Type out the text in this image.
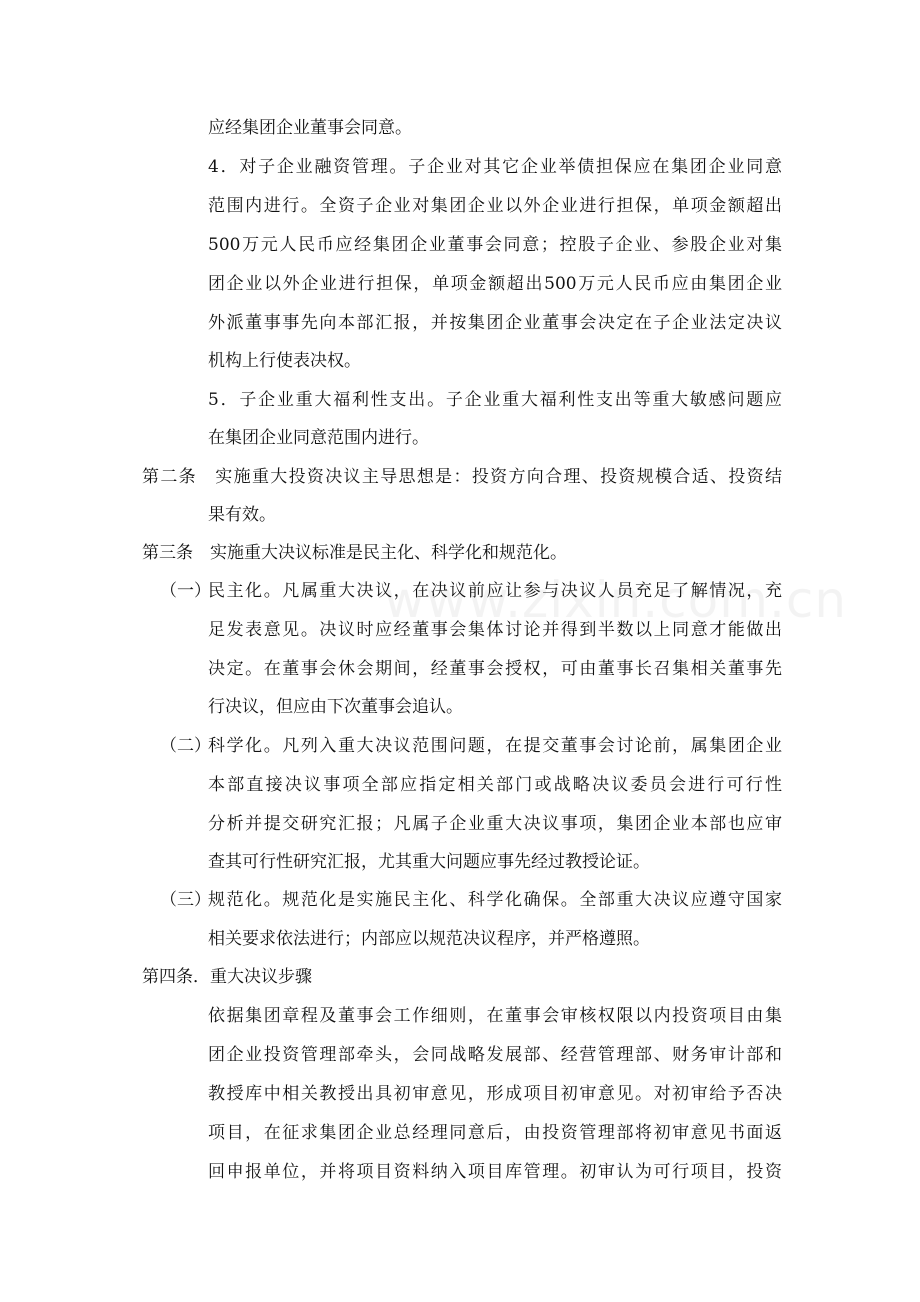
应经集团企业董事会同意。
4．对子企业融资管理。子企业对其它企业举债担保应在集团企业同意
范围内进行。全资子企业对集团企业以外企业进行担保，单项金额超出
500万元人民币应经集团企业董事会同意；控股子企业、参股企业对集
团企业以外企业进行担保，单项金额超出500万元人民币应由集团企业
外派董事事先向本部汇报，并按集团企业董事会决定在子企业法定决议
机构上行使表决权。
5．子企业重大福利性支出。子企业重大福利性支出等重大敏感问题应
在集团企业同意范围内进行。
第二条　实施重大投资决议主导思想是：投资方向合理、投资规模合适、投资结
果有效。
第三条　实施重大决议标准是民主化、科学化和规范化。
（一）
民主化。凡属重大决议，在决议前应让参与决议人员充足了解情况，充
足发表意见。决议时应经董事会集体讨论并得到半数以上同意才能做出
决定。在董事会休会期间，经董事会授权，可由董事长召集相关董事先
行决议，但应由下次董事会追认。
（二）
科学化。凡列入重大决议范围问题，在提交董事会讨论前，属集团企业
本部直接决议事项全部应指定相关部门或战略决议委员会进行可行性
分析并提交研究汇报；凡属子企业重大决议事项，集团企业本部也应审
查其可行性研究汇报，尤其重大问题应事先经过教授论证。
（三）
规范化。规范化是实施民主化、科学化确保。全部重大决议应遵守国家
相关要求依法进行；内部应以规范决议程序，并严格遵照。
第四条．重大决议步骤
依据集团章程及董事会工作细则，在董事会审核权限以内投资项目由集
团企业投资管理部牵头，会同战略发展部、经营管理部、财务审计部和
教授库中相关教授出具初审意见，形成项目初审意见。对初审给予否决
项目，在征求集团企业总经理同意后，由投资管理部将初审意见书面返
回申报单位，并将项目资料纳入项目库管理。初审认为可行项目，投资
